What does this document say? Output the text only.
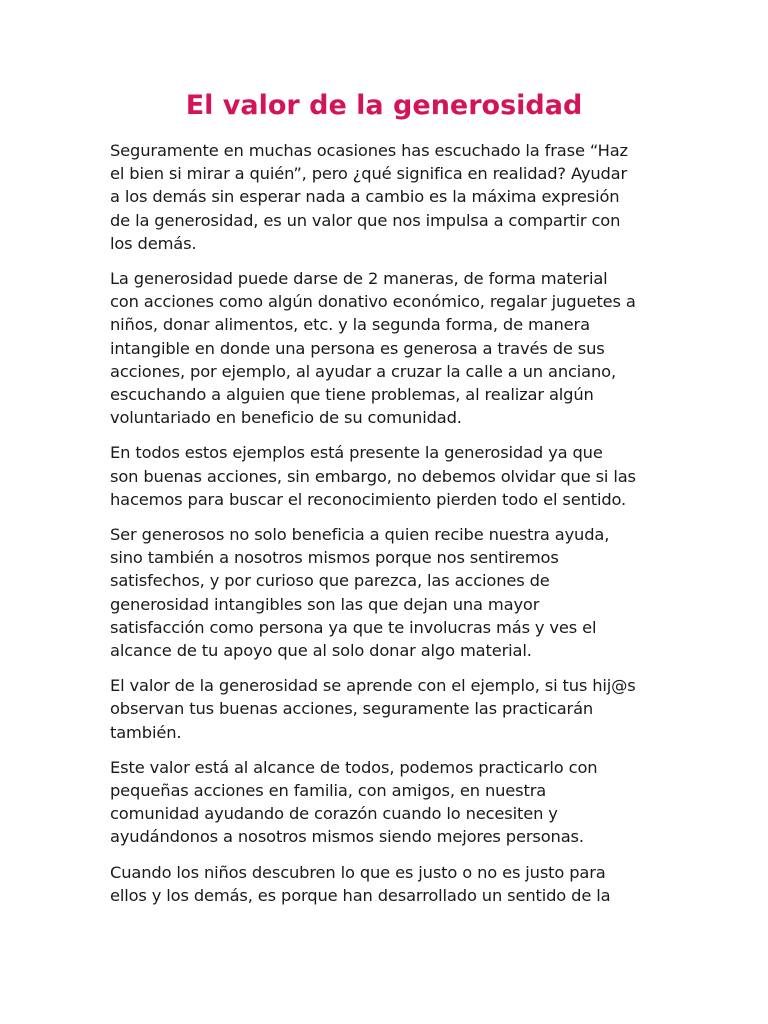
El valor de la generosidad

Seguramente en muchas ocasiones has escuchado la frase “Haz
el bien si mirar a quién”, pero ¿qué significa en realidad? Ayudar
a los demás sin esperar nada a cambio es la máxima expresión
de la generosidad, es un valor que nos impulsa a compartir con
los demás.

La generosidad puede darse de 2 maneras, de forma material
con acciones como algún donativo económico, regalar juguetes a
niños, donar alimentos, etc. y la segunda forma, de manera
intangible en donde una persona es generosa a través de sus
acciones, por ejemplo, al ayudar a cruzar la calle a un anciano,
escuchando a alguien que tiene problemas, al realizar algún
voluntariado en beneficio de su comunidad.

En todos estos ejemplos está presente la generosidad ya que
son buenas acciones, sin embargo, no debemos olvidar que si las
hacemos para buscar el reconocimiento pierden todo el sentido.

Ser generosos no solo beneficia a quien recibe nuestra ayuda,
sino también a nosotros mismos porque nos sentiremos
satisfechos, y por curioso que parezca, las acciones de
generosidad intangibles son las que dejan una mayor
satisfacción como persona ya que te involucras más y ves el
alcance de tu apoyo que al solo donar algo material.

El valor de la generosidad se aprende con el ejemplo, si tus hij@s
observan tus buenas acciones, seguramente las practicarán
también.

Este valor está al alcance de todos, podemos practicarlo con
pequeñas acciones en familia, con amigos, en nuestra
comunidad ayudando de corazón cuando lo necesiten y
ayudándonos a nosotros mismos siendo mejores personas.

Cuando los niños descubren lo que es justo o no es justo para
ellos y los demás, es porque han desarrollado un sentido de la
